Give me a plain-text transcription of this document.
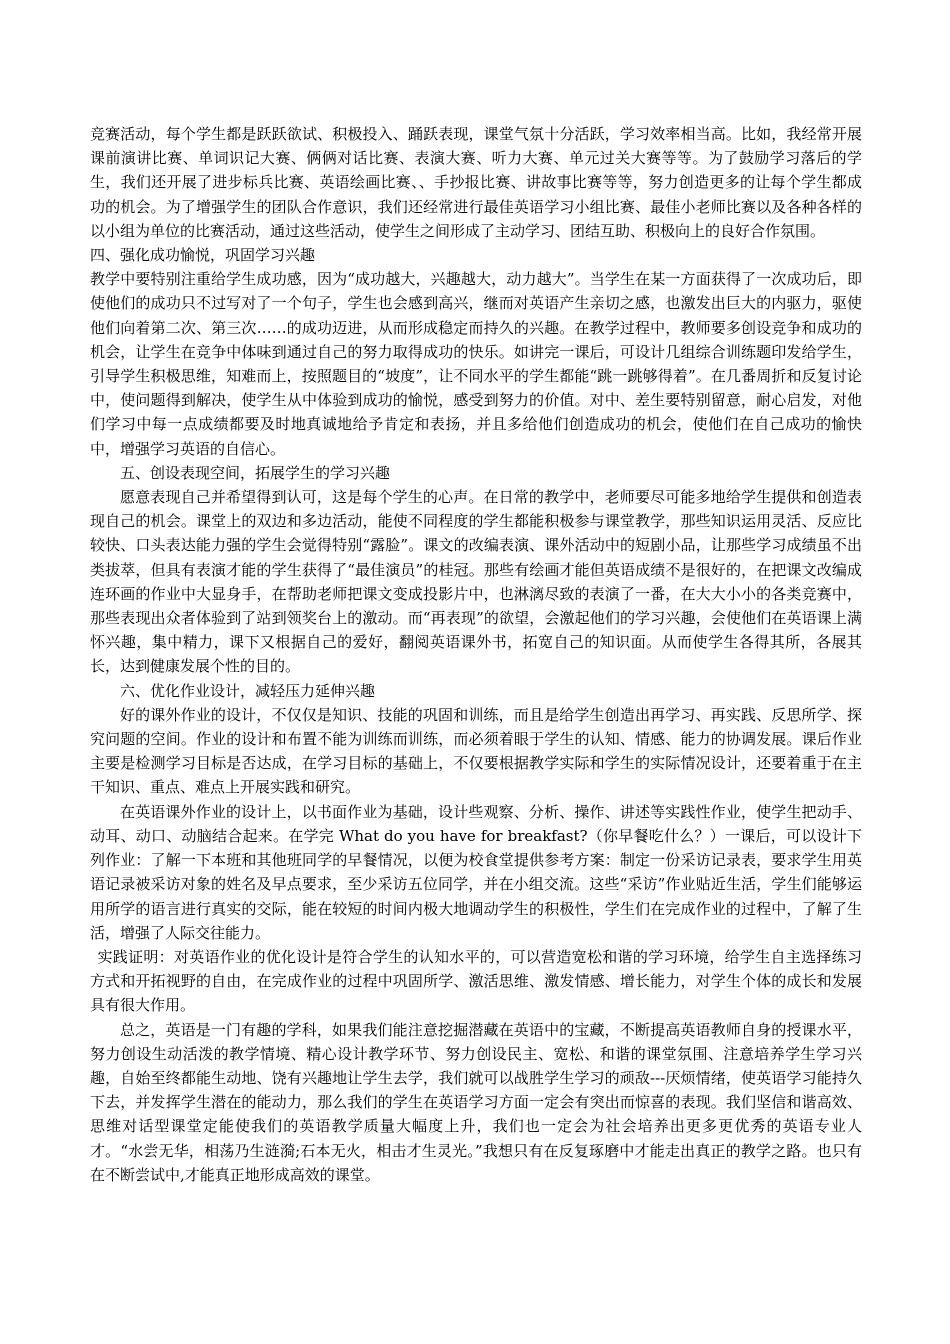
竞赛活动，每个学生都是跃跃欲试、积极投入、踊跃表现，课堂气氛十分活跃，学习效率相当高。比如，我经常开展课前演讲比赛、单词识记大赛、俩俩对话比赛、表演大赛、听力大赛、单元过关大赛等等。为了鼓励学习落后的学生，我们还开展了进步标兵比赛、英语绘画比赛、、手抄报比赛、讲故事比赛等等，努力创造更多的让每个学生都成功的机会。为了增强学生的团队合作意识，我们还经常进行最佳英语学习小组比赛、最佳小老师比赛以及各种各样的以小组为单位的比赛活动，通过这些活动，使学生之间形成了主动学习、团结互助、积极向上的良好合作氛围。

四、强化成功愉悦，巩固学习兴趣

教学中要特别注重给学生成功感，因为“成功越大，兴趣越大，动力越大”。当学生在某一方面获得了一次成功后，即使他们的成功只不过写对了一个句子，学生也会感到高兴，继而对英语产生亲切之感，也激发出巨大的内驱力，驱使他们向着第二次、第三次……的成功迈进，从而形成稳定而持久的兴趣。在教学过程中，教师要多创设竞争和成功的机会，让学生在竞争中体味到通过自己的努力取得成功的快乐。如讲完一课后，可设计几组综合训练题印发给学生，引导学生积极思维，知难而上，按照题目的“坡度”，让不同水平的学生都能“跳一跳够得着”。在几番周折和反复讨论中，使问题得到解决，使学生从中体验到成功的愉悦，感受到努力的价值。对中、差生要特别留意，耐心启发，对他们学习中每一点成绩都要及时地真诚地给予肯定和表扬，并且多给他们创造成功的机会，使他们在自己成功的愉快中，增强学习英语的自信心。

五、创设表现空间，拓展学生的学习兴趣

愿意表现自己并希望得到认可，这是每个学生的心声。在日常的教学中，老师要尽可能多地给学生提供和创造表现自己的机会。课堂上的双边和多边活动，能使不同程度的学生都能积极参与课堂教学，那些知识运用灵活、反应比较快、口头表达能力强的学生会觉得特别“露脸”。课文的改编表演、课外活动中的短剧小品，让那些学习成绩虽不出类拔萃，但具有表演才能的学生获得了“最佳演员”的桂冠。那些有绘画才能但英语成绩不是很好的，在把课文改编成连环画的作业中大显身手，在帮助老师把课文变成投影片中，也淋漓尽致的表演了一番，在大大小小的各类竞赛中，那些表现出众者体验到了站到领奖台上的激动。而“再表现”的欲望，会激起他们的学习兴趣，会使他们在英语课上满怀兴趣，集中精力，课下又根据自己的爱好，翻阅英语课外书，拓宽自己的知识面。从而使学生各得其所，各展其长，达到健康发展个性的目的。

六、优化作业设计，减轻压力延伸兴趣

好的课外作业的设计，不仅仅是知识、技能的巩固和训练，而且是给学生创造出再学习、再实践、反思所学、探究问题的空间。作业的设计和布置不能为训练而训练，而必须着眼于学生的认知、情感、能力的协调发展。课后作业主要是检测学习目标是否达成，在学习目标的基础上，不仅要根据教学实际和学生的实际情况设计，还要着重于在主干知识、重点、难点上开展实践和研究。

在英语课外作业的设计上，以书面作业为基础，设计些观察、分析、操作、讲述等实践性作业，使学生把动手、动耳、动口、动脑结合起来。在学完 What do you have for breakfast?（你早餐吃什么？）一课后，可以设计下列作业：了解一下本班和其他班同学的早餐情况，以便为校食堂提供参考方案：制定一份采访记录表，要求学生用英语记录被采访对象的姓名及早点要求，至少采访五位同学，并在小组交流。这些“采访”作业贴近生活，学生们能够运用所学的语言进行真实的交际，能在较短的时间内极大地调动学生的积极性，学生们在完成作业的过程中，了解了生活，增强了人际交往能力。

实践证明：对英语作业的优化设计是符合学生的认知水平的，可以营造宽松和谐的学习环境，给学生自主选择练习方式和开拓视野的自由，在完成作业的过程中巩固所学、激活思维、激发情感、增长能力，对学生个体的成长和发展具有很大作用。

总之，英语是一门有趣的学科，如果我们能注意挖掘潜藏在英语中的宝藏，不断提高英语教师自身的授课水平，努力创设生动活泼的教学情境、精心设计教学环节、努力创设民主、宽松、和谐的课堂氛围、注意培养学生学习兴趣，自始至终都能生动地、饶有兴趣地让学生去学，我们就可以战胜学生学习的顽敌---厌烦情绪，使英语学习能持久下去，并发挥学生潜在的能动力，那么我们的学生在英语学习方面一定会有突出而惊喜的表现。我们坚信和谐高效、思维对话型课堂定能使我们的英语教学质量大幅度上升，我们也一定会为社会培养出更多更优秀的英语专业人才。“水尝无华，相荡乃生涟漪;石本无火，相击才生灵光。”我想只有在反复琢磨中才能走出真正的教学之路。也只有在不断尝试中,才能真正地形成高效的课堂。
